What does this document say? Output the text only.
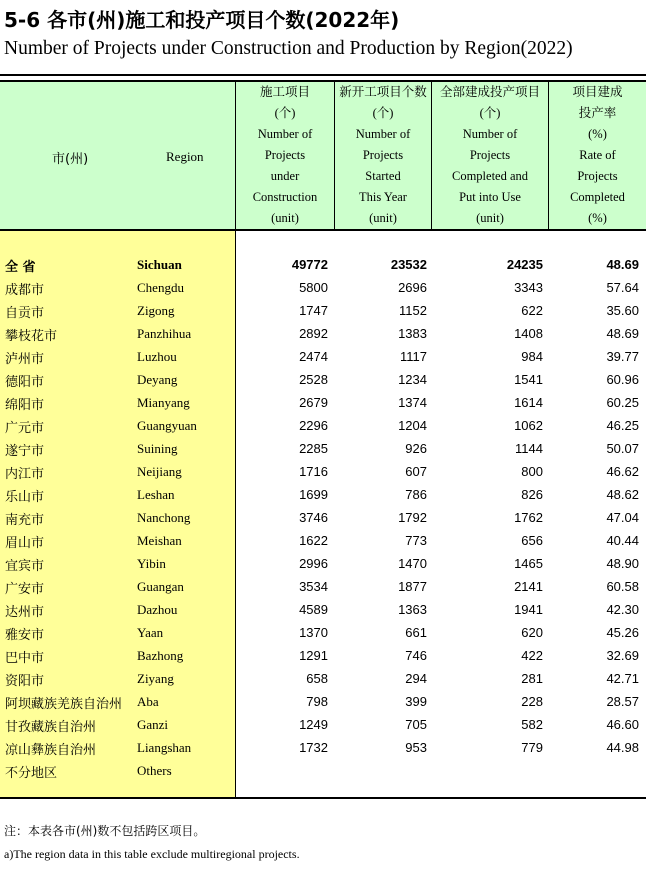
5-6 各市(州)施工和投产项目个数(2022年)
Number of Projects under Construction and Production by Region(2022)
市(州)	Region
施工项目
(个)
Number of
Projects
under
Construction
(unit)
新开工项目个数
(个)
Number of
Projects
Started
This Year
(unit)
全部建成投产项目
(个)
Number of
Projects
Completed and
Put into Use
(unit)
项目建成
投产率
(%)
Rate of
Projects
Completed
(%)
全 省	Sichuan	49772	23532	24235	48.69
成都市	Chengdu	5800	2696	3343	57.64
自贡市	Zigong	1747	1152	622	35.60
攀枝花市	Panzhihua	2892	1383	1408	48.69
泸州市	Luzhou	2474	1117	984	39.77
德阳市	Deyang	2528	1234	1541	60.96
绵阳市	Mianyang	2679	1374	1614	60.25
广元市	Guangyuan	2296	1204	1062	46.25
遂宁市	Suining	2285	926	1144	50.07
内江市	Neijiang	1716	607	800	46.62
乐山市	Leshan	1699	786	826	48.62
南充市	Nanchong	3746	1792	1762	47.04
眉山市	Meishan	1622	773	656	40.44
宜宾市	Yibin	2996	1470	1465	48.90
广安市	Guangan	3534	1877	2141	60.58
达州市	Dazhou	4589	1363	1941	42.30
雅安市	Yaan	1370	661	620	45.26
巴中市	Bazhong	1291	746	422	32.69
资阳市	Ziyang	658	294	281	42.71
阿坝藏族羌族自治州 Aba	798	399	228	28.57
甘孜藏族自治州	Ganzi	1249	705	582	46.60
凉山彝族自治州	Liangshan	1732	953	779	44.98
不分地区	Others
注：本表各市(州)数不包括跨区项目。
a)The region data in this table exclude multiregional projects.
